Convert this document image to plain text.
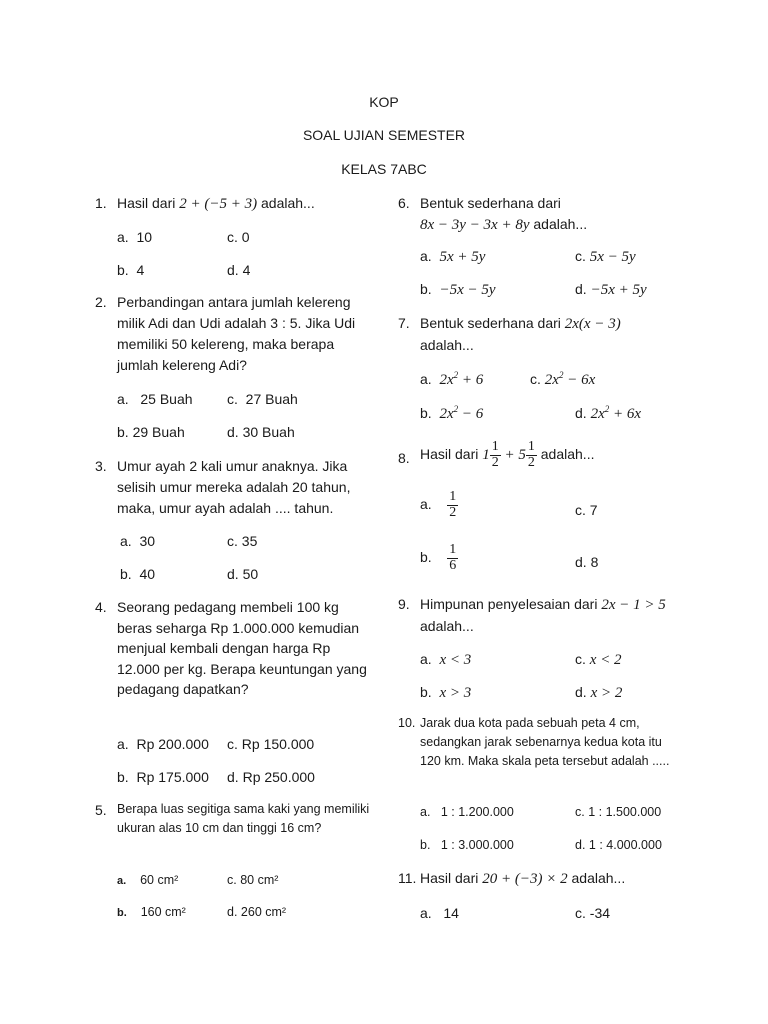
KOP
SOAL UJIAN SEMESTER
KELAS 7ABC
1. Hasil dari 2 + (−5 + 3) adalah...
a. 10	c. 0
b. 4	d. 4
2. Perbandingan antara jumlah kelereng milik Adi dan Udi adalah 3 : 5. Jika Udi memiliki 50 kelereng, maka berapa jumlah kelereng Adi?
a. 25 Buah c. 27 Buah
b. 29 Buah	d. 30 Buah
3. Umur ayah 2 kali umur anaknya. Jika selisih umur mereka adalah 20 tahun, maka, umur ayah adalah .... tahun.
a. 30	c. 35
b. 40	d. 50
4. Seorang pedagang membeli 100 kg beras seharga Rp 1.000.000 kemudian menjual kembali dengan harga Rp 12.000 per kg. Berapa keuntungan yang pedagang dapatkan?
a. Rp 200.000 c. Rp 150.000
b. Rp 175.000 d. Rp 250.000
5. Berapa luas segitiga sama kaki yang memiliki ukuran alas 10 cm dan tinggi 16 cm?
a. 60 cm²	c. 80 cm²
b. 160 cm²	d. 260 cm²
6. Bentuk sederhana dari
8x − 3y − 3x + 8y adalah...
a. 5x + 5y	c. 5x − 5y
b. −5x − 5y	d. −5x + 5y
7. Bentuk sederhana dari 2x(x − 3)
adalah...
a. $2x^2 + 6$	c. $2x^2 - 6x$
b. $2x^2 - 6$	d. $2x^2 + 6x$
8. Hasil dari $1 \frac{1}{2} + 5 \frac{1}{2}$ adalah...
a. $\frac{1}{2}$	c. 7
b. $\frac{1}{6}$	d. 8
9. Himpunan penyelesaian dari 2x − 1 > 5
adalah...
a. x < 3	c. x < 2
b. x > 3	d. x > 2
10. Jarak dua kota pada sebuah peta 4 cm, sedangkan jarak sebenarnya kedua kota itu 120 km. Maka skala peta tersebut adalah .....
a. 1 : 1.200.000	c. 1 : 1.500.000
b. 1 : 3.000.000	d. 1 : 4.000.000
11. Hasil dari 20 + (−3) × 2 adalah...
a. 14	c. -34
